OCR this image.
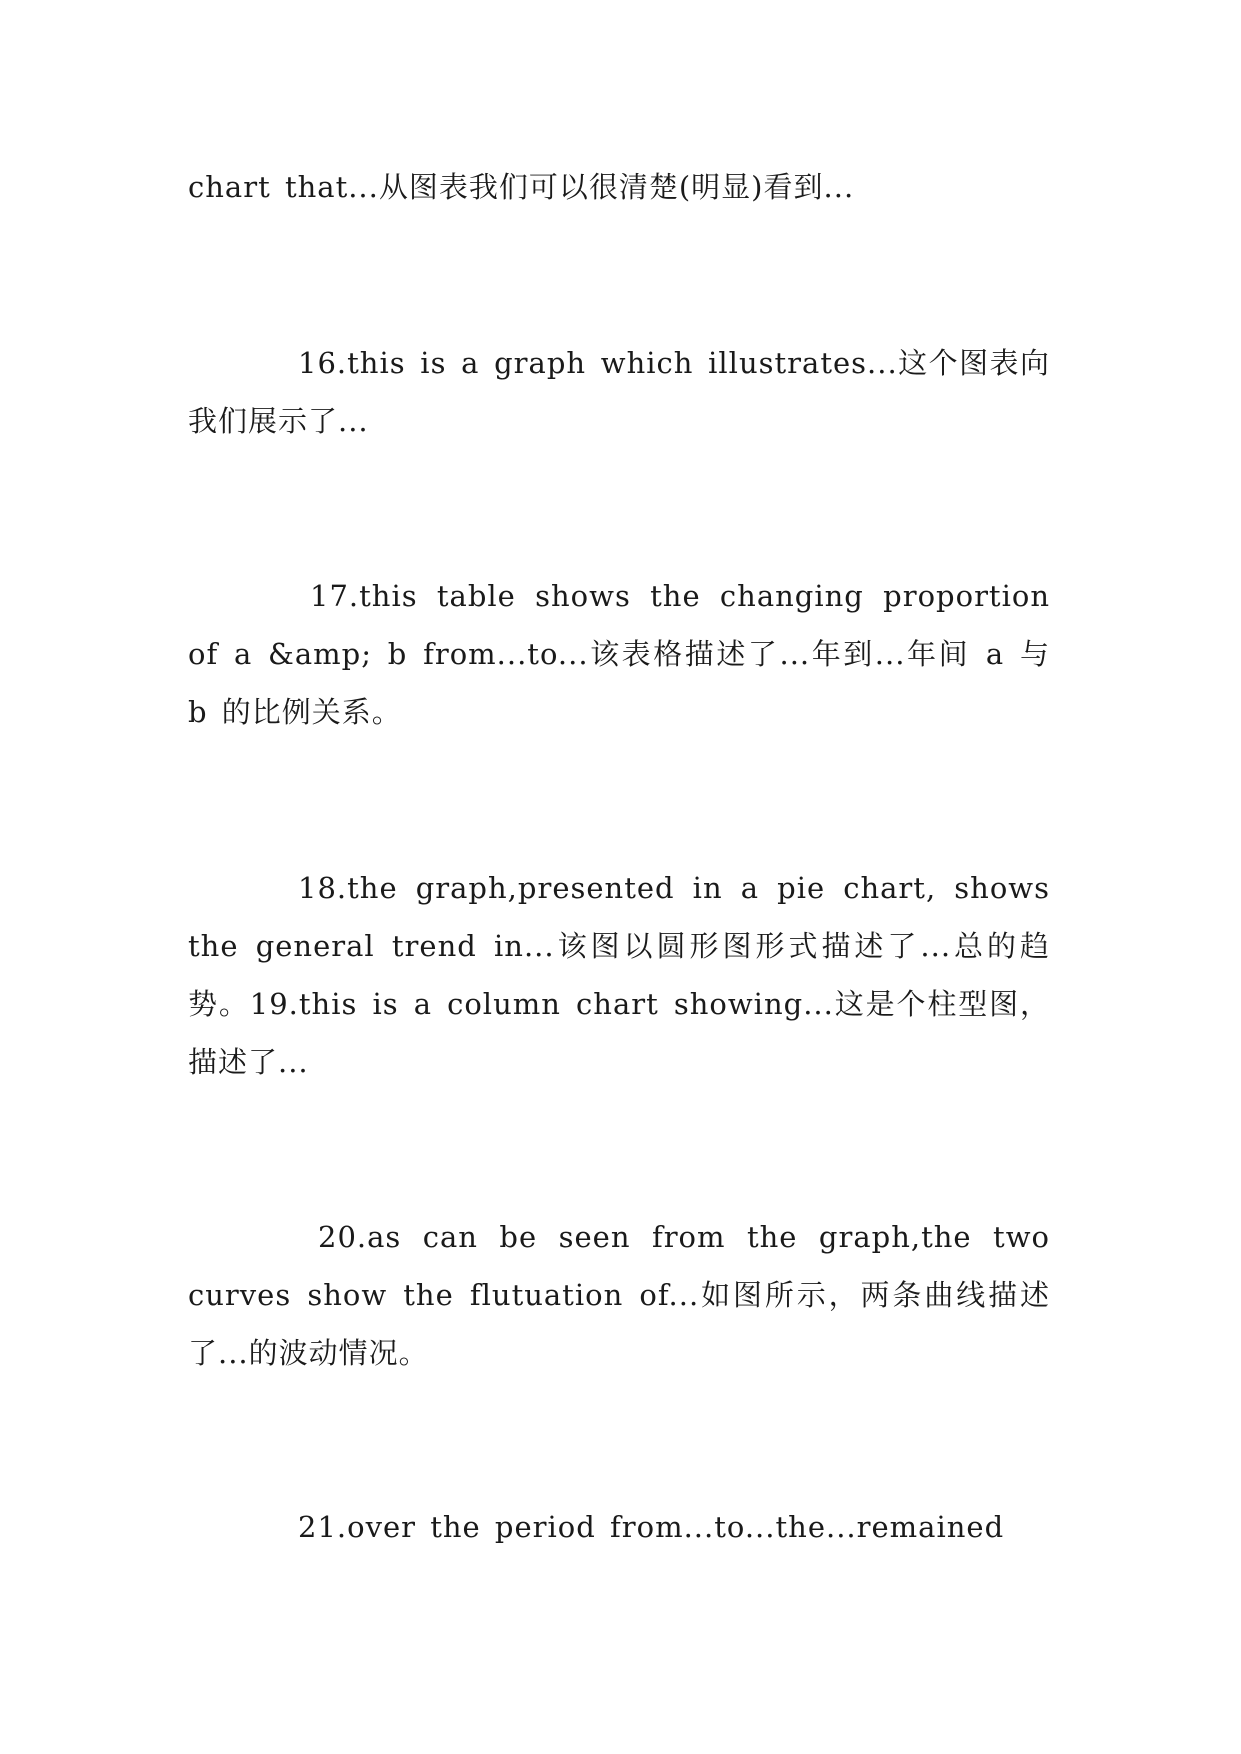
chart that...从图表我们可以很清楚(明显)看到...

16.this is a graph which illustrates...这个图表向我们展示了...

17.this table shows the changing proportion of a &amp; b from...to...该表格描述了...年到...年间 a 与 b 的比例关系。

18.the graph,presented in a pie chart, shows the general trend in...该图以圆形图形式描述了...总的趋势。19.this is a column chart showing...这是个柱型图，描述了...

20.as can be seen from the graph,the two curves show the flutuation of...如图所示，两条曲线描述了...的波动情况。

21.over the period from...to...the...remained
